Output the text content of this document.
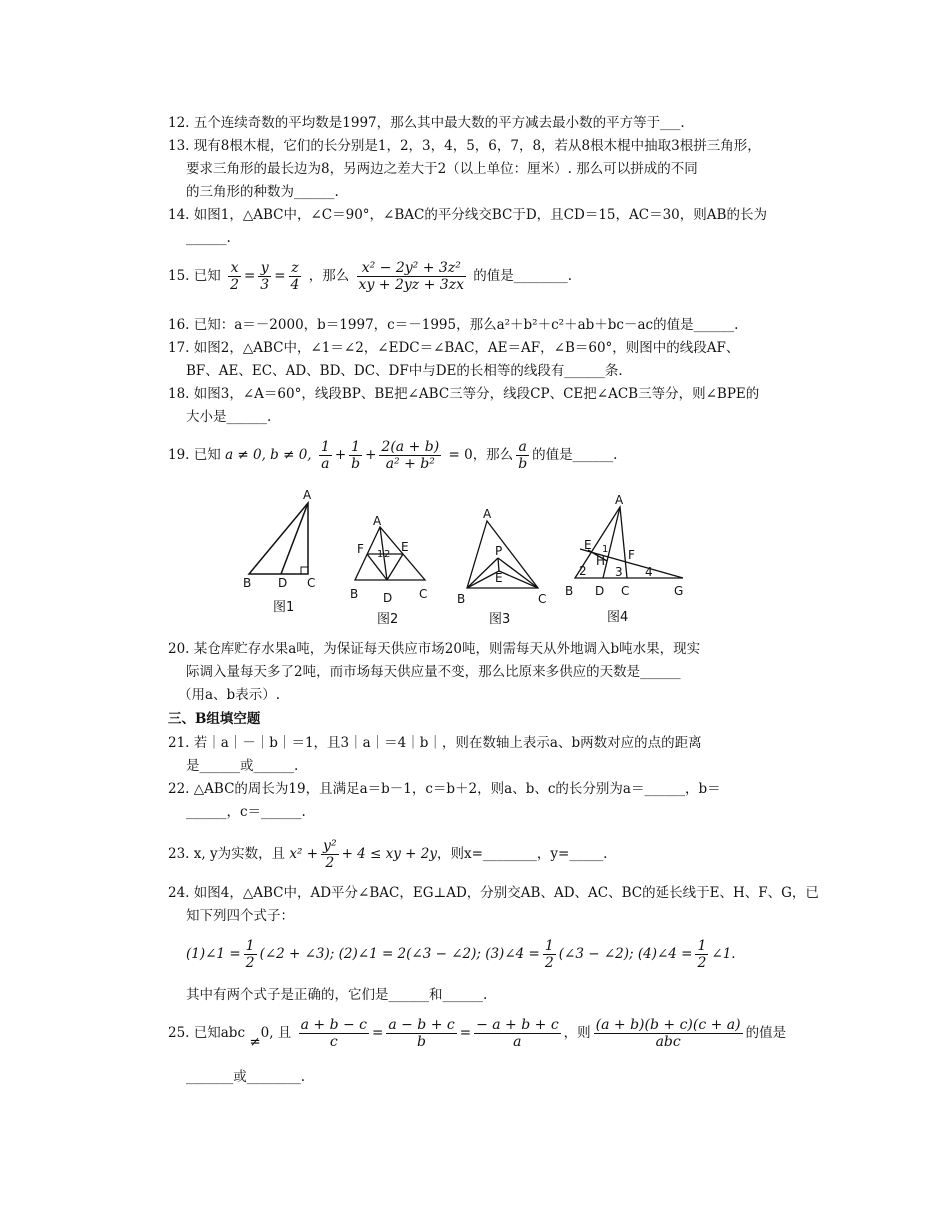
12. 五个连续奇数的平均数是1997，那么其中最大数的平方减去最小数的平方等于___.
13. 现有8根木棍，它们的长分别是1，2，3，4，5，6，7，8，若从8根木棍中抽取3根拼三角形，
要求三角形的最长边为8，另两边之差大于2（以上单位：厘米）. 那么可以拼成的不同
的三角形的种数为______.
14. 如图1，△ABC中，∠C＝90°，∠BAC的平分线交BC于D，且CD＝15，AC＝30，则AB的长为
______.
15. 已知 $\frac{x}{2} = \frac{y}{3} = \frac{z}{4}$ ，那么 $\frac{\text{x² − 2y² + 3z²}}{xy + 2yz + 3zx}$ 的值是________.
16. 已知：a＝－2000，b＝1997，c＝－1995，那么a²＋b²＋c²＋ab＋bc－ac的值是______.
17. 如图2，△ABC中，∠1＝∠2，∠EDC＝∠BAC，AE＝AF，∠B＝60°，则图中的线段AF、
BF、AE、EC、AD、BD、DC、DF中与DE的长相等的线段有______条.
18. 如图3，∠A＝60°，线段BP、BE把∠ABC三等分，线段CP、CE把∠ACB三等分，则∠BPE的
大小是______.
19. 已知 a ≠ 0, b ≠ 0, $\frac{1}{a} + \frac{1}{b} + \frac{2(a + b)}{\text{a² + b²}} = 0$，那么 $\frac{a}{b}$ 的值是______.
A
B D C
图1
A
F	E
1 2
B D C
图2
A
P
E
B	C
图3
A
E
H F
1
2 3 4
B D C	G
图4
20. 某仓库贮存水果a吨，为保证每天供应市场20吨，则需每天从外地调入b吨水果，现实
际调入量每天多了2吨，而市场每天供应量不变，那么比原来多供应的天数是______
（用a、b表示）.
三、B组填空题
21. 若｜a｜－｜b｜＝1，且3｜a｜＝4｜b｜，则在数轴上表示a、b两数对应的点的距离
是______或______.
22. △ABC的周长为19，且满足a＝b－1，c＝b＋2，则a、b、c的长分别为a＝______，b＝
______，c＝______.
23. x, y为实数，且 $x^2 + \frac{\text{y²}}{2} + 4$ ≤ xy + 2y，则x=________，y=_____.
24. 如图4，△ABC中，AD平分∠BAC，EG⊥AD，分别交AB、AD、AC、BC的延长线于E、H、F、G，已
知下列四个式子：
(1)∠1 = $\frac{1}{2}$ (∠2 + ∠3); (2)∠1 = 2(∠3 − ∠2); (3)∠4 = $\frac{1}{2}$ (∠3 − ∠2); (4)∠4 = $\frac{1}{2}$ ∠1.
其中有两个式子是正确的，它们是______和______.
25. 已知abc ≠0, 且 $\frac{a + b - c}{c} = \frac{a - b + c}{b} = \frac{- a + b + c}{a}$ ，则 $\frac{(a + b)(b + c)(c + a)}{\text{abc}}$ 的值是
_______或________.
